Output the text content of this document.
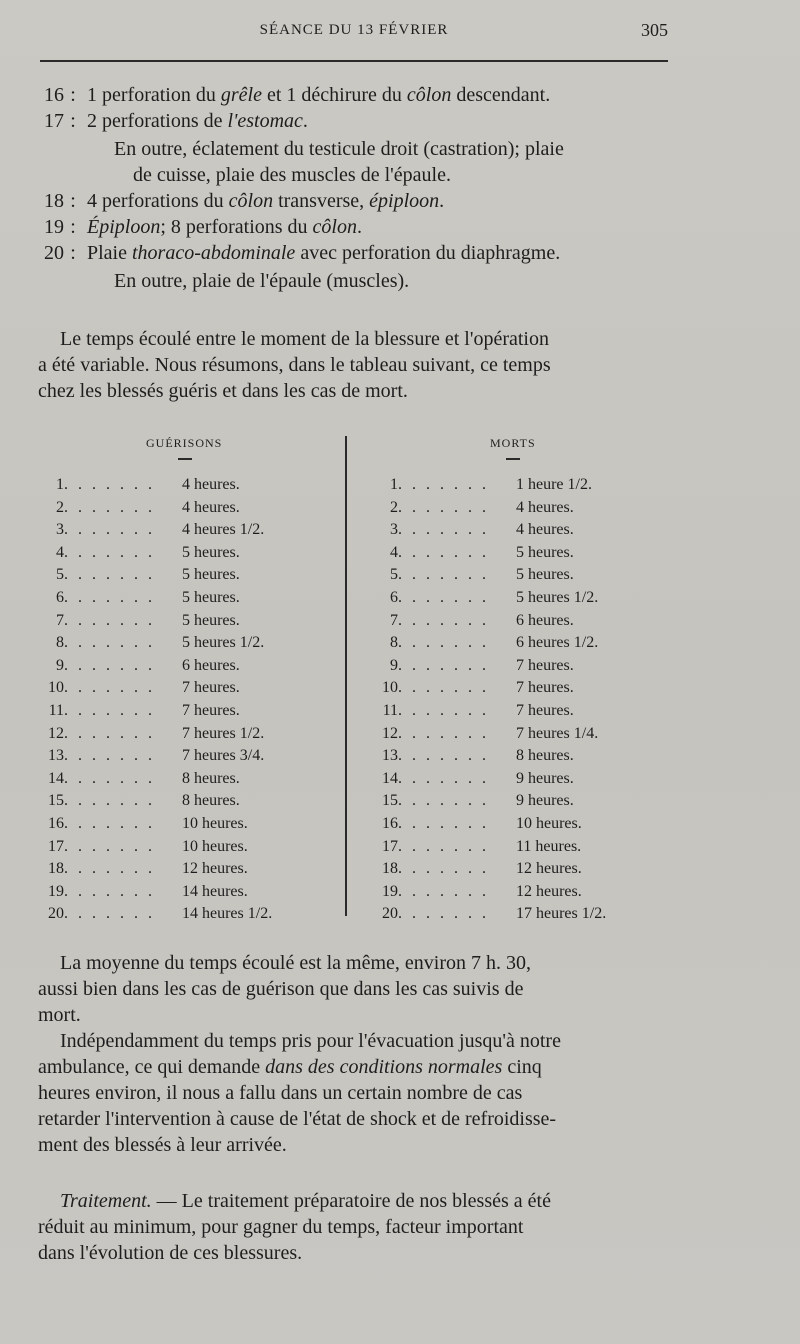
SÉANCE DU 13 FÉVRIER	305
16 : 1 perforation du grêle et 1 déchirure du côlon descendant.
17 : 2 perforations de l'estomac.
En outre, éclatement du testicule droit (castration); plaie
de cuisse, plaie des muscles de l'épaule.
18 : 4 perforations du côlon transverse, épiploon.
19 : Épiploon; 8 perforations du côlon.
20 : Plaie thoraco-abdominale avec perforation du diaphragme.
En outre, plaie de l'épaule (muscles).
Le temps écoulé entre le moment de la blessure et l'opération
a été variable. Nous résumons, dans le tableau suivant, ce temps
chez les blessés guéris et dans les cas de mort.
GUÉRISONS	MORTS
1. . . . . . . 4 heures.
2. . . . . . . 4 heures.
3. . . . . . . 4 heures 1/2.
4. . . . . . . 5 heures.
5. . . . . . . 5 heures.
6. . . . . . . 5 heures.
7. . . . . . . 5 heures.
8. . . . . . . 5 heures 1/2.
9. . . . . . . 6 heures.
10. . . . . . . 7 heures.
11. . . . . . . 7 heures.
12. . . . . . . 7 heures 1/2.
13. . . . . . . 7 heures 3/4.
14. . . . . . . 8 heures.
15. . . . . . . 8 heures.
16. . . . . . . 10 heures.
17. . . . . . . 10 heures.
18. . . . . . . 12 heures.
19. . . . . . . 14 heures.
20. . . . . . . 14 heures 1/2.
1. . . . . . . 1 heure 1/2.
2. . . . . . . 4 heures.
3. . . . . . . 4 heures.
4. . . . . . . 5 heures.
5. . . . . . . 5 heures.
6. . . . . . . 5 heures 1/2.
7. . . . . . . 6 heures.
8. . . . . . . 6 heures 1/2.
9. . . . . . . 7 heures.
10. . . . . . . 7 heures.
11. . . . . . . 7 heures.
12. . . . . . . 7 heures 1/4.
13. . . . . . . 8 heures.
14. . . . . . . 9 heures.
15. . . . . . . 9 heures.
16. . . . . . . 10 heures.
17. . . . . . . 11 heures.
18. . . . . . . 12 heures.
19. . . . . . . 12 heures.
20. . . . . . . 17 heures 1/2.
La moyenne du temps écoulé est la même, environ 7 h. 30,
aussi bien dans les cas de guérison que dans les cas suivis de
mort.
Indépendamment du temps pris pour l'évacuation jusqu'à notre
ambulance, ce qui demande dans des conditions normales cinq
heures environ, il nous a fallu dans un certain nombre de cas
retarder l'intervention à cause de l'état de shock et de refroidisse-
ment des blessés à leur arrivée.
Traitement. — Le traitement préparatoire de nos blessés a été
réduit au minimum, pour gagner du temps, facteur important
dans l'évolution de ces blessures.
